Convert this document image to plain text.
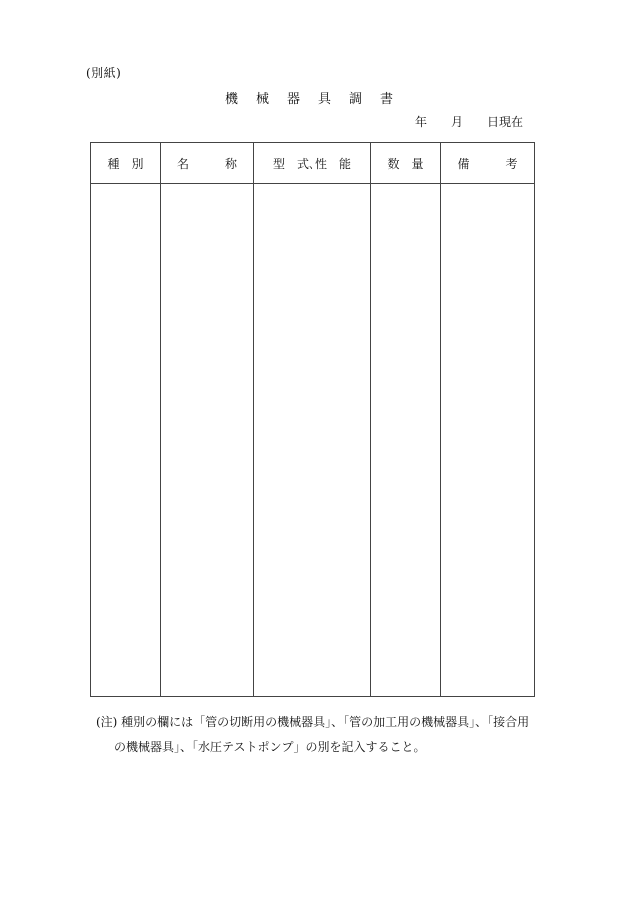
(別紙)
機械器具調書
年　　月　　日現在
種　別	名　　　称	型　式､性　能	数　量	備　　　考

(注) 種別の欄には「管の切断用の機械器具」、「管の加工用の機械器具」、「接合用
の機械器具」、「水圧テストポンプ」の別を記入すること。
